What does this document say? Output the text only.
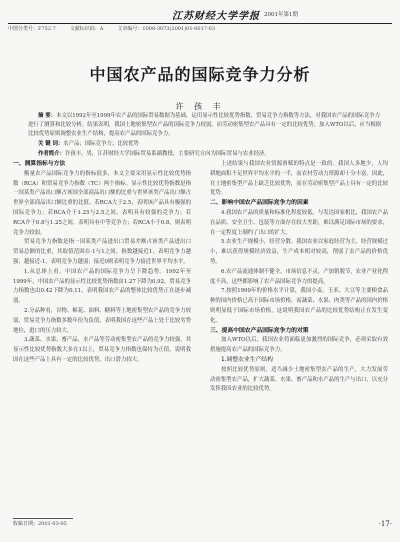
江苏财经大学学报 2001年第1期
中图分类号：F752.7	文献标识码：A	文章编号：1008-3073(2001)01-0017-03
中国农产品的国际竞争力分析
许 孩 丰

摘 要：本文以1992年至1999年农产品的国际贸易数据为基础，运用显示性比较优势指数、贸易竞争力指数等方法，对我国农产品的国际竞争力进行了测算和比较分析。结果表明，我国土地密集型农产品的国际竞争力较弱，而劳动密集型农产品具有一定的比较优势。加入WTO以后，应当根据比较优势原则调整农业生产结构，提高农产品的国际竞争力。

关 键 词：农产品；国际竞争力；比较优势

作者简介：许孩丰，男，江苏财经大学国际贸易系副教授，主要研究方向为国际贸易与农业经济。

一、测算指标与方法

衡量农产品国际竞争力的指标很多，本文主要采用显示性比较优势指数（RCA）和贸易竞争力指数（TC）两个指标。显示性比较优势指数是指一国某类产品出口额占该国全部商品出口额的比重与世界该类产品出口额占世界全部商品出口额比重的比值。若RCA大于2.5，表明该产品具有极强的国际竞争力；若RCA介于1.25与2.5之间，表明具有较强的竞争力；若RCA介于0.8与1.25之间，表明具有中等竞争力；若RCA小于0.8，则表明竞争力较弱。

贸易竞争力指数是指一国某类产品进出口贸易差额占该类产品进出口贸易总额的比重，其取值范围在-1与1之间。指数越接近1，表明竞争力越强；越接近-1，表明竞争力越弱；接近0则表明竞争力接近世界平均水平。

1.从总体上看，中国农产品的国际竞争力呈下降趋势。1992年至1999年，中国农产品的显示性比较优势指数由1.27下降为0.92，贸易竞争力指数也由0.42下降为0.11，表明我国农产品的整体比较优势正在逐步减弱。

2.分品种看，谷物、棉花、油料、糖料等土地密集型农产品的竞争力较弱，贸易竞争力指数多数年份为负值，表明我国在这些产品上处于比较劣势地位，进口的压力较大。

3.蔬菜、水果、畜产品、水产品等劳动密集型农产品的竞争力较强，其显示性比较优势指数大多在1以上，贸易竞争力指数也保持为正值，说明我国在这些产品上具有一定的比较优势，出口潜力较大。

上述结果与我国农业资源禀赋的特点是一致的。我国人多地少，人均耕地面积不足世界平均水平的一半，而农村劳动力资源却十分丰富。因此，在土地密集型产品上缺乏比较优势，而在劳动密集型产品上具有一定的比较优势。

二、影响中国农产品国际竞争力的因素

4.我国农产品的质量和标准化程度较低。与发达国家相比，我国农产品在品质、安全卫生、包装等方面存在较大差距，难以满足国际市场的要求，在一定程度上制约了出口的扩大。

5.农业生产规模小，经营分散。我国农业以家庭经营为主，经营规模过小，难以获得规模经济效益，生产成本相对较高，削弱了农产品的价格优势。

6.农产品流通体制不健全，市场信息不灵，产加销脱节，农业产业化程度不高，这些都影响了农产品国际竞争力的提高。

7.按照1999年的价格水平计算，我国小麦、玉米、大豆等主要粮食品种的国内价格已高于国际市场价格，而蔬菜、水果、肉类等产品的国内价格则明显低于国际市场价格，这说明我国农产品的比较优势结构正在发生变化。

三、提高中国农产品国际竞争力的对策

加入WTO以后，我国农业将面临更加激烈的国际竞争，必须采取有效措施提高农产品的国际竞争力。

1.调整农业生产结构

按照比较优势原则，适当减少土地密集型农产品的生产，大力发展劳动密集型农产品，扩大蔬菜、水果、畜产品和水产品的生产与出口，以充分发挥我国农业的比较优势。

收稿日期：2001-03-05	·17·
